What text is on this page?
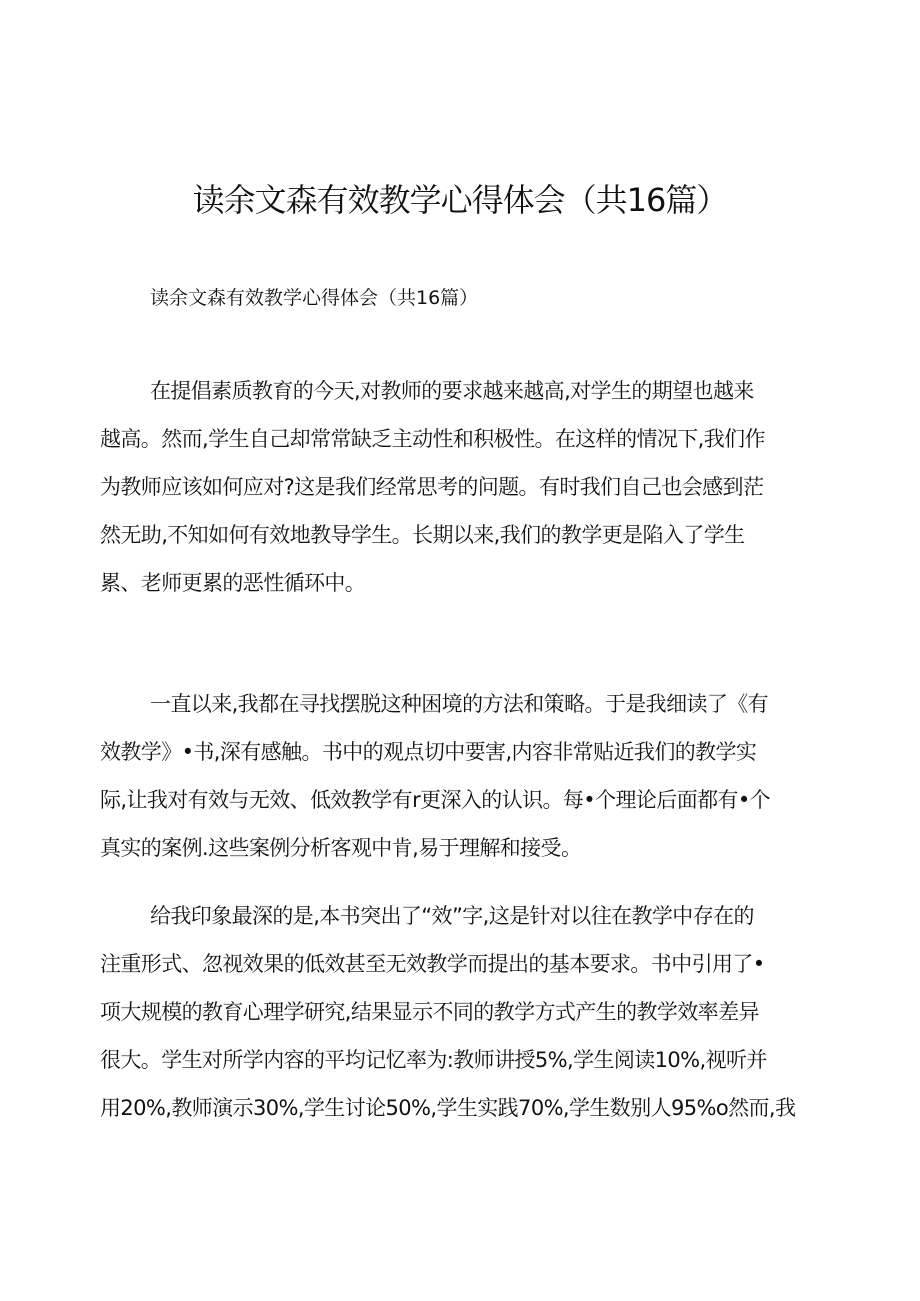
读余文森有效教学心得体会（共16篇）
读余文森有效教学心得体会（共16篇）

在提倡素质教育的今天,对教师的要求越来越高,对学生的期望也越来
越高。然而,学生自己却常常缺乏主动性和积极性。在这样的情况下,我们作
为教师应该如何应对?这是我们经常思考的问题。有时我们自己也会感到茫
然无助,不知如何有效地教导学生。长期以来,我们的教学更是陷入了学生
累、老师更累的恶性循环中。

一直以来,我都在寻找摆脱这种困境的方法和策略。于是我细读了《有
效教学》•书,深有感触。书中的观点切中要害,内容非常贴近我们的教学实
际,让我对有效与无效、低效教学有r更深入的认识。每•个理论后面都有•个
真实的案例.这些案例分析客观中肯,易于理解和接受。

给我印象最深的是,本书突出了“效”字,这是针对以往在教学中存在的
注重形式、忽视效果的低效甚至无效教学而提出的基本要求。书中引用了•
项大规模的教育心理学研究,结果显示不同的教学方式产生的教学效率差异
很大。学生对所学内容的平均记忆率为:教师讲授5%,学生阅读10%,视听并
用20%,教师演示30%,学生讨论50%,学生实践70%,学生数别人95%o然而,我
